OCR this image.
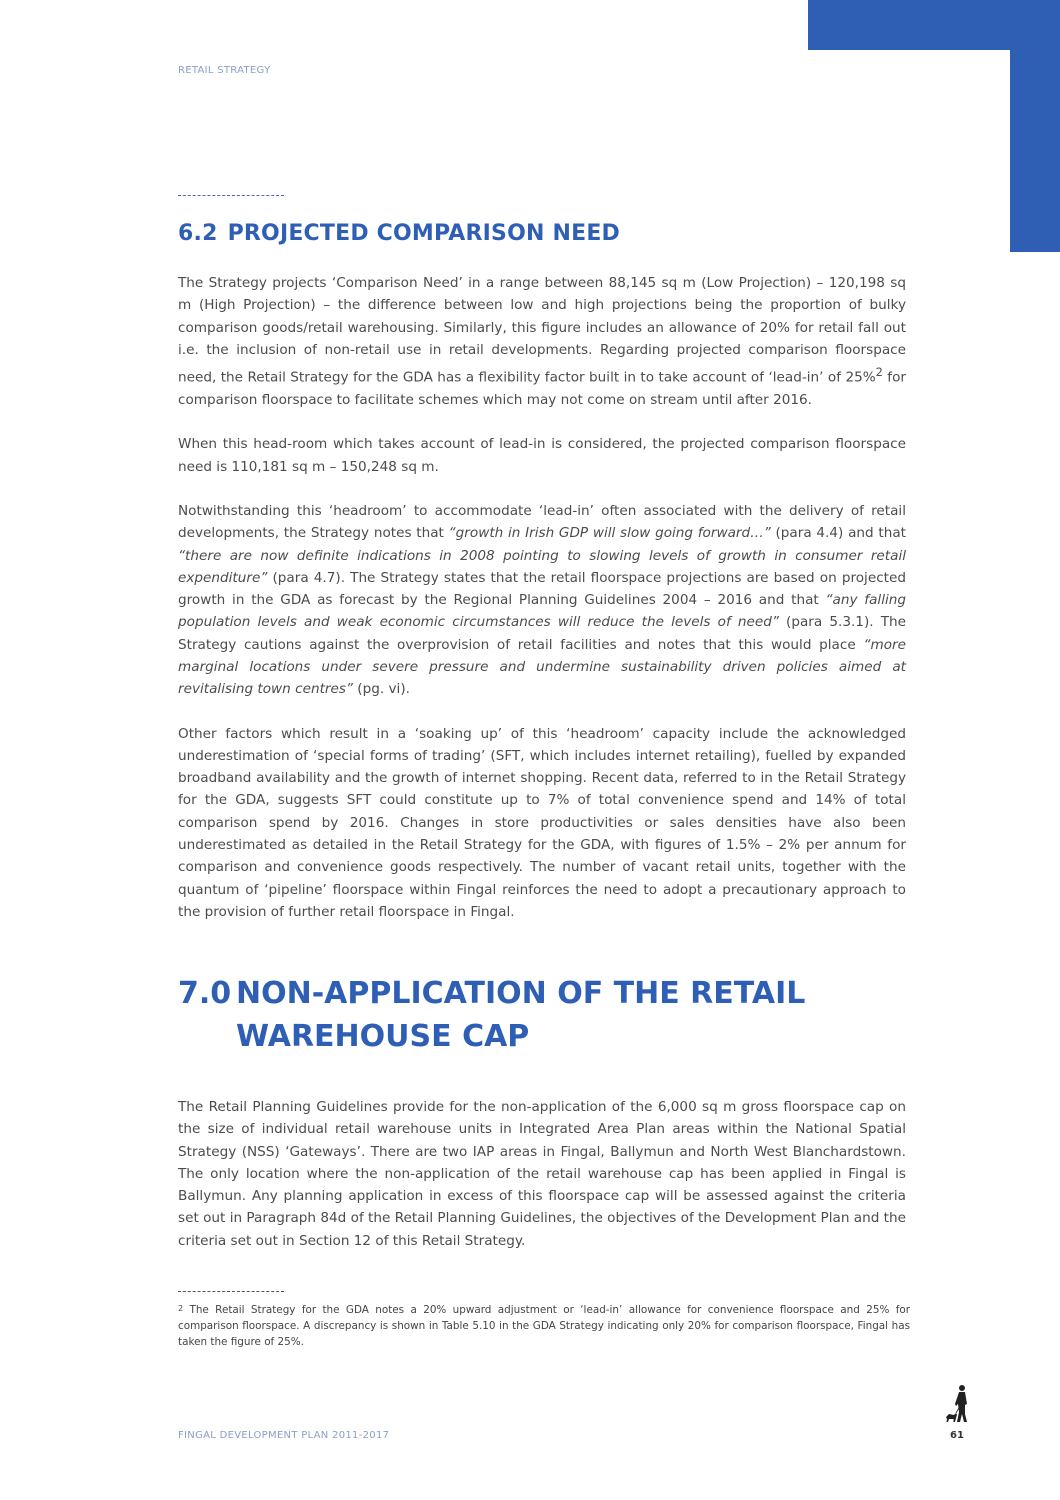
RETAIL STRATEGY
6.2 PROJECTED COMPARISON NEED

The Strategy projects ‘Comparison Need’ in a range between 88,145 sq m (Low Projection) – 120,198 sq m (High Projection) – the difference between low and high projections being the proportion of bulky comparison goods/retail warehousing. Similarly, this figure includes an allowance of 20% for retail fall out i.e. the inclusion of non-retail use in retail developments. Regarding projected comparison floorspace need, the Retail Strategy for the GDA has a flexibility factor built in to take account of ‘lead-in’ of 25%$^2$ for comparison floorspace to facilitate schemes which may not come on stream until after 2016.

When this head-room which takes account of lead-in is considered, the projected comparison floorspace need is 110,181 sq m – 150,248 sq m.

Notwithstanding this ‘headroom’ to accommodate ‘lead-in’ often associated with the delivery of retail developments, the Strategy notes that “growth in Irish GDP will slow going forward…” (para 4.4) and that “there are now definite indications in 2008 pointing to slowing levels of growth in consumer retail expenditure” (para 4.7). The Strategy states that the retail floorspace projections are based on projected growth in the GDA as forecast by the Regional Planning Guidelines 2004 – 2016 and that “any falling population levels and weak economic circumstances will reduce the levels of need” (para 5.3.1). The Strategy cautions against the overprovision of retail facilities and notes that this would place “more marginal locations under severe pressure and undermine sustainability driven policies aimed at revitalising town centres” (pg. vi).

Other factors which result in a ‘soaking up’ of this ‘headroom’ capacity include the acknowledged underestimation of ‘special forms of trading’ (SFT, which includes internet retailing), fuelled by expanded broadband availability and the growth of internet shopping. Recent data, referred to in the Retail Strategy for the GDA, suggests SFT could constitute up to 7% of total convenience spend and 14% of total comparison spend by 2016. Changes in store productivities or sales densities have also been underestimated as detailed in the Retail Strategy for the GDA, with figures of 1.5% – 2% per annum for comparison and convenience goods respectively. The number of vacant retail units, together with the quantum of ‘pipeline’ floorspace within Fingal reinforces the need to adopt a precautionary approach to the provision of further retail floorspace in Fingal.

7.0 NON-APPLICATION OF THE RETAIL
WAREHOUSE CAP

The Retail Planning Guidelines provide for the non-application of the 6,000 sq m gross floorspace cap on the size of individual retail warehouse units in Integrated Area Plan areas within the National Spatial Strategy (NSS) ‘Gateways’. There are two IAP areas in Fingal, Ballymun and North West Blanchardstown. The only location where the non-application of the retail warehouse cap has been applied in Fingal is Ballymun. Any planning application in excess of this floorspace cap will be assessed against the criteria set out in Paragraph 84d of the Retail Planning Guidelines, the objectives of the Development Plan and the criteria set out in Section 12 of this Retail Strategy.

$^2$ The Retail Strategy for the GDA notes a 20% upward adjustment or ‘lead-in’ allowance for convenience floorspace and 25% for comparison floorspace. A discrepancy is shown in Table 5.10 in the GDA Strategy indicating only 20% for comparison floorspace, Fingal has taken the figure of 25%.

FINGAL DEVELOPMENT PLAN 2011-2017	61
